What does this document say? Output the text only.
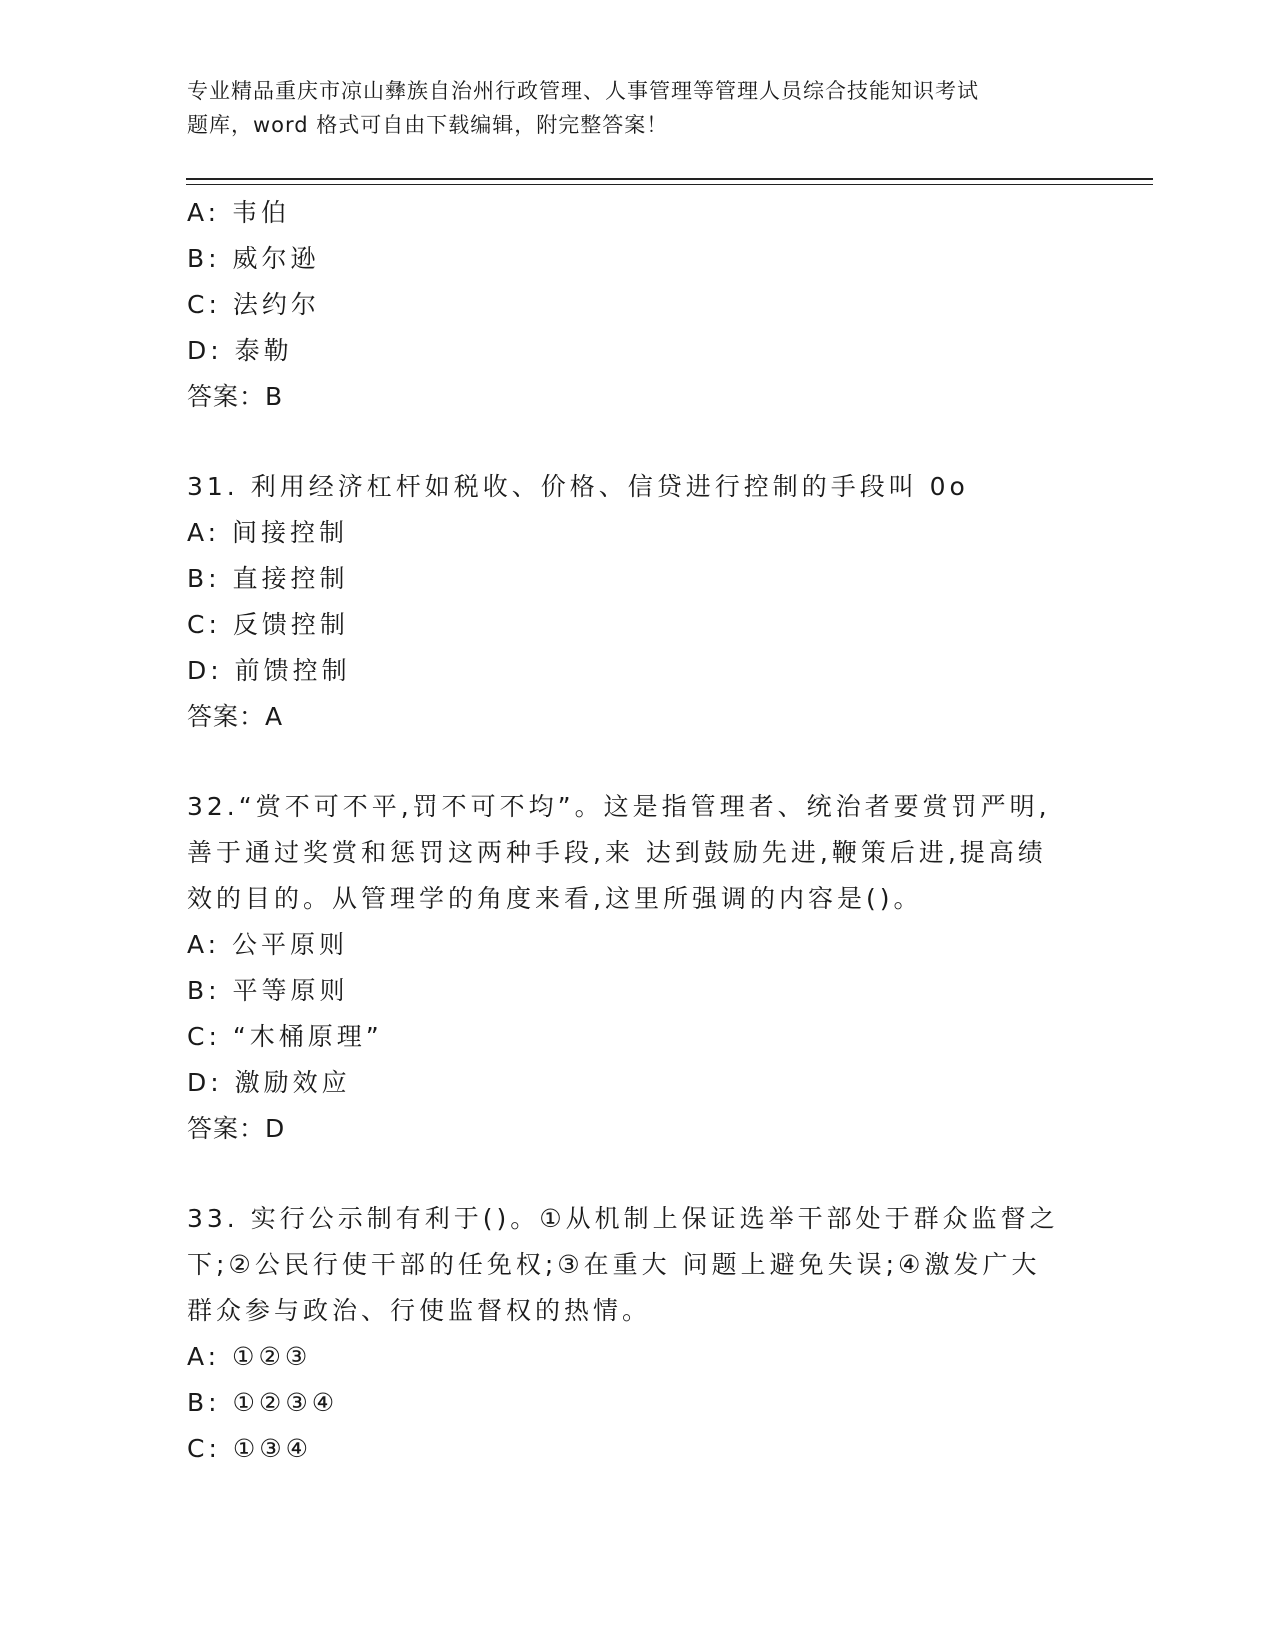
专业精品重庆市凉山彝族自治州行政管理、人事管理等管理人员综合技能知识考试
题库，word 格式可自由下载编辑，附完整答案！
A: 韦伯
B: 威尔逊
C: 法约尔
D: 泰勒
答案：B
31. 利用经济杠杆如税收、价格、信贷进行控制的手段叫 0o
A: 间接控制
B: 直接控制
C: 反馈控制
D: 前馈控制
答案：A
32.“赏不可不平,罚不可不均”。这是指管理者、统治者要赏罚严明,
善于通过奖赏和惩罚这两种手段,来 达到鼓励先进,鞭策后进,提高绩
效的目的。从管理学的角度来看,这里所强调的内容是()。
A: 公平原则
B: 平等原则
C: “木桶原理”
D: 激励效应
答案：D
33. 实行公示制有利于()。①从机制上保证选举干部处于群众监督之
下;②公民行使干部的任免权;③在重大 问题上避免失误;④激发广大
群众参与政治、行使监督权的热情。
A: ①②③
B: ①②③④
C: ①③④
